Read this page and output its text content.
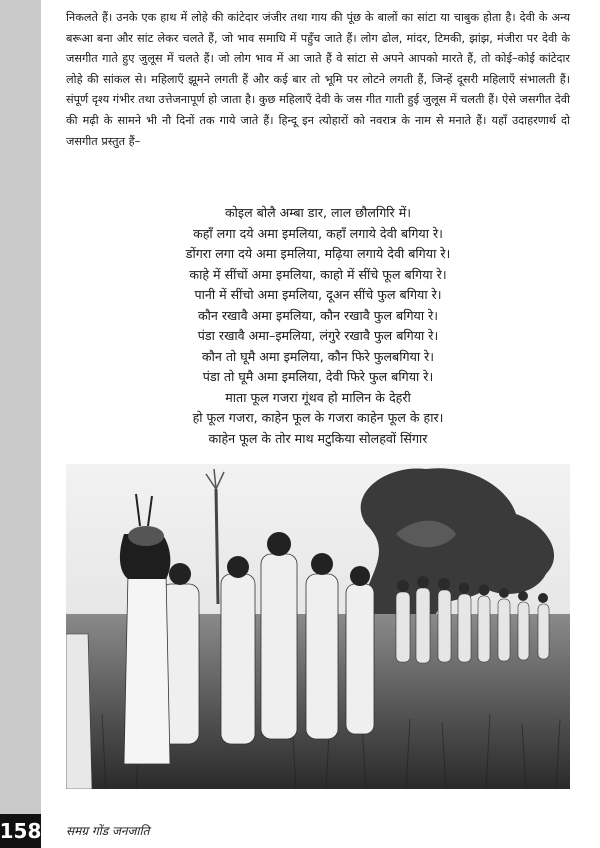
निकलते हैं। उनके एक हाथ में लोहे की कांटेदार जंजीर तथा गाय की पूंछ के बालों का सांटा या चाबुक होता है। देवी के अन्य बरूआ बना और सांट लेकर चलते हैं, जो भाव समाधि में पहुँच जाते हैं। लोग ढोल, मांदर, टिमकी, झांझ, मंजीरा पर देवी के जसगीत गाते हुए जुलूस में चलते हैं। जो लोग भाव में आ जाते हैं वे सांटा से अपने आपको मारते हैं, तो कोई–कोई कांटेदार लोहे की सांकल से। महिलाएँ झूमने लगती हैं और कई बार तो भूमि पर लोटने लगती हैं, जिन्हें दूसरी महिलाएँ संभालती हैं। संपूर्ण दृश्य गंभीर तथा उत्तेजनापूर्ण हो जाता है। कुछ महिलाएँ देवी के जस गीत गाती हुई जुलूस में चलती हैं। ऐसे जसगीत देवी की मढ़ी के सामने भी नौ दिनों तक गाये जाते हैं। हिन्दू इन त्योहारों को नवरात्र के नाम से मनाते हैं। यहाँ उदाहरणार्थ दो जसगीत प्रस्तुत हैं–
कोइल बोलै अम्बा डार, लाल छौलगिरि में।
कहाँ लगा दये अमा इमलिया, कहाँ लगाये देवी बगिया रे।
डोंगरा लगा दये अमा इमलिया, मढ़िया लगाये देवी बगिया रे।
काहे में सींचों अमा इमलिया, काहो में सींचे फूल बगिया रे।
पानी में सींचो अमा इमलिया, दूअन सींचे फुल बगिया रे।
कौन रखावै अमा इमलिया, कौन रखावै फुल बगिया रे।
पंडा रखावै अमा–इमलिया, लंगुरे रखावै फुल बगिया रे।
कौन तो घूमै अमा इमलिया, कौन फिरे फुलबगिया रे।
पंडा तो घूमै अमा इमलिया, देवी फिरे फुल बगिया रे।
माता फूल गजरा गूंथव हो मालिन के देहरी
हो फूल गजरा, काहेन फूल के गजरा काहेन फूल के हार।
काहेन फूल के तोर माथ मटुकिया सोलहवों सिंगार
158 समग्र गोंड जनजाति
